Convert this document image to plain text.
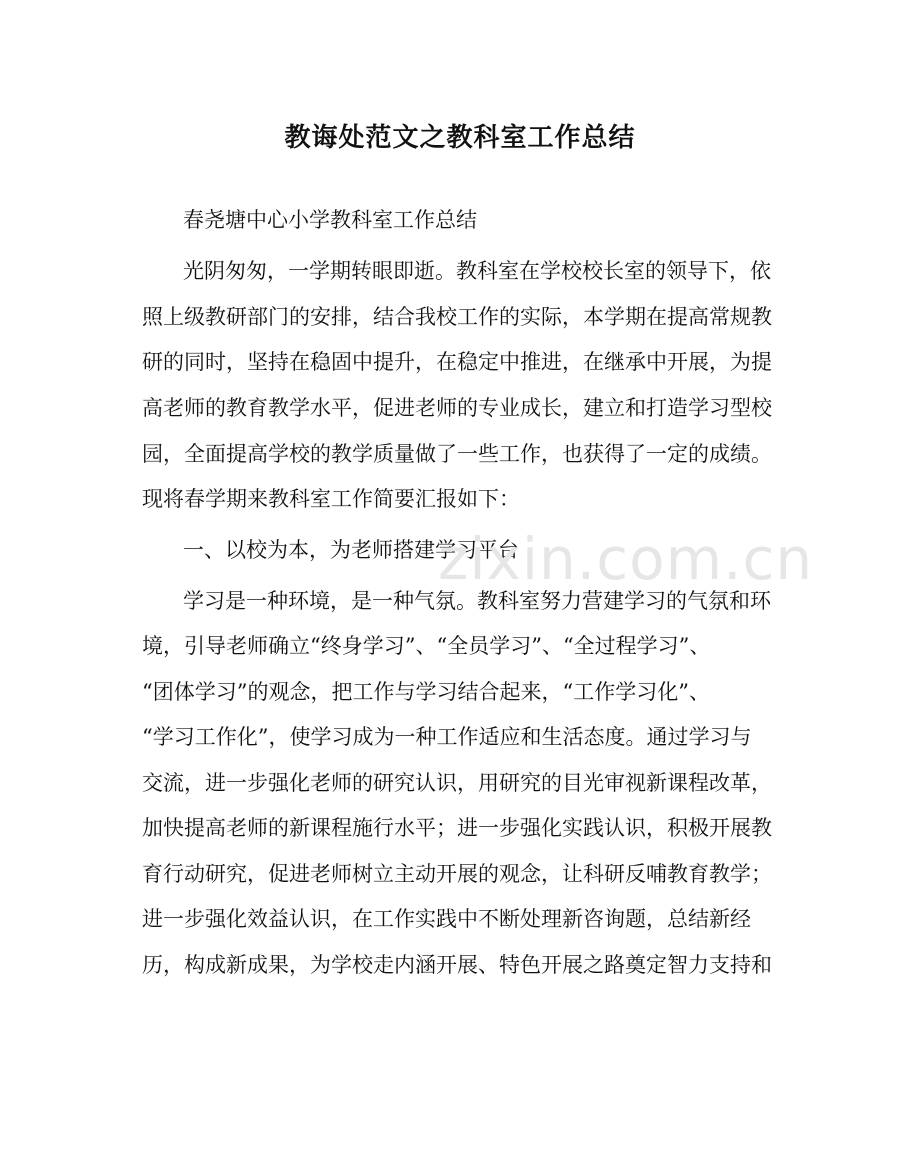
教诲处范文之教科室工作总结
春尧塘中心小学教科室工作总结
光阴匆匆，一学期转眼即逝。教科室在学校校长室的领导下，依
照上级教研部门的安排，结合我校工作的实际，本学期在提高常规教
研的同时，坚持在稳固中提升，在稳定中推进，在继承中开展，为提
高老师的教育教学水平，促进老师的专业成长，建立和打造学习型校
园，全面提高学校的教学质量做了一些工作，也获得了一定的成绩。
现将春学期来教科室工作简要汇报如下：
一、以校为本，为老师搭建学习平台
学习是一种环境，是一种气氛。教科室努力营建学习的气氛和环
境，引导老师确立“终身学习”、“全员学习”、“全过程学习”、
“团体学习”的观念，把工作与学习结合起来，“工作学习化”、
“学习工作化”，使学习成为一种工作适应和生活态度。通过学习与
交流，进一步强化老师的研究认识，用研究的目光审视新课程改革，
加快提高老师的新课程施行水平；进一步强化实践认识，积极开展教
育行动研究，促进老师树立主动开展的观念，让科研反哺教育教学；
进一步强化效益认识，在工作实践中不断处理新咨询题，总结新经
历，构成新成果，为学校走内涵开展、特色开展之路奠定智力支持和
zixin.com.cn
